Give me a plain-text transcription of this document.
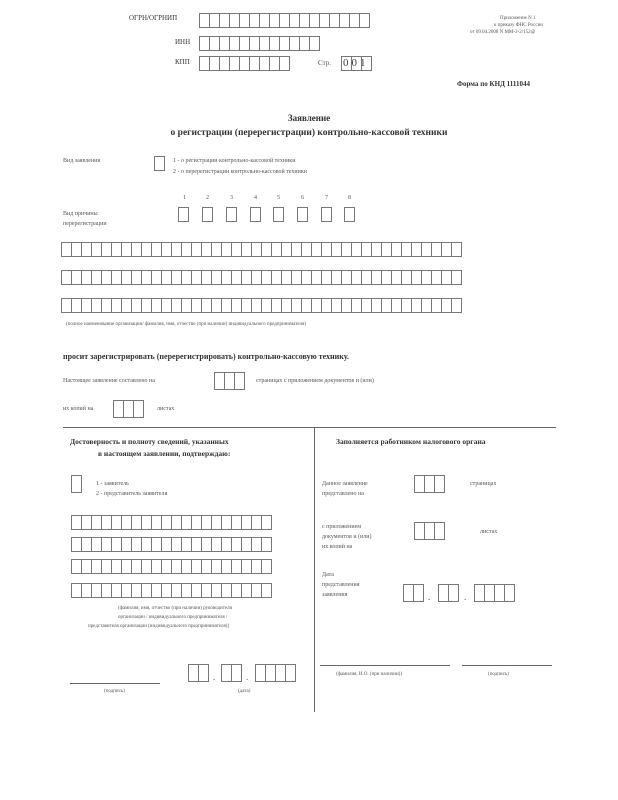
ОГРН/ОГРНИП
ИНН
КПП	Стр. 001
Приложение N 1
к приказу ФНС России
от 09.04.2008 N ММ-3-2/152@
Форма по КНД 1111044
Заявление
о регистрации (перерегистрации) контрольно-кассовой техники
Вид заявления	1 - о регистрации контрольно-кассовой техники
2 - о перерегистрации контрольно-кассовой техники
1	2	3	4	5	6	7	8
Вид причины
перерегистрации
(полное наименование организации/ фамилия, имя, отчество (при наличии) индивидуального предпринимателя)
просит зарегистрировать (перерегистрировать) контрольно-кассовую технику.
Настоящее заявление составлено на	страницах с приложением документов и (или)
их копий на	листах
Достоверность и полноту сведений, указанных
в настоящем заявлении, подтверждаю:
1 - заявитель
2 - представитель заявителя
(фамилия, имя, отчество (при наличии) руководителя
организации / индивидуального предпринимателя /
представителя организации (индивидуального предпринимателя))
(подпись)
.	.
(дата)
Заполняется работником налогового органа
Данное заявление
представлено на
страницах
с приложением
документов и (или)
их копий на
листах
Дата
представления
заявления	.	.
(фамилия, И.О. (при наличии))	(подпись)
